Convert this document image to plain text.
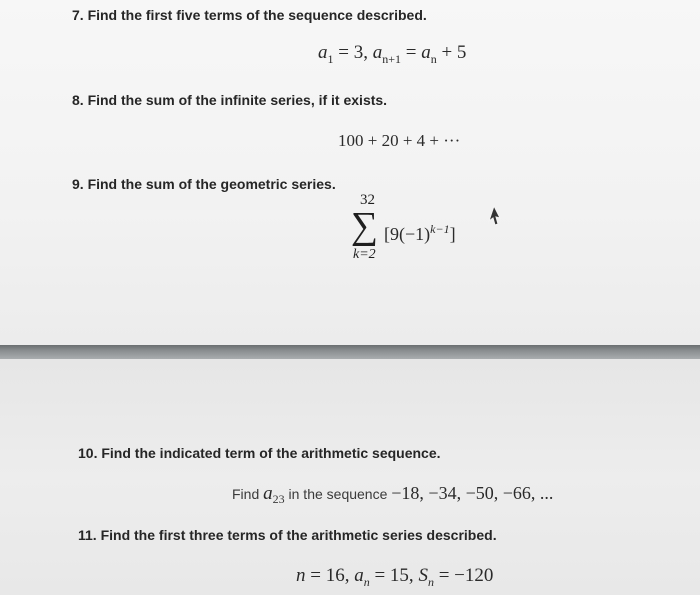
7. Find the first five terms of the sequence described.
$a_1 = 3$, $a_{n+1} = a_n + 5$
8. Find the sum of the infinite series, if it exists.
100 + 20 + 4 + ···
9. Find the sum of the geometric series.
32
∑
k=2
$[9(-1)^{k-1}]$
10. Find the indicated term of the arithmetic sequence.
Find $a_{23}$ in the sequence −18, −34, −50, −66, ...
11. Find the first three terms of the arithmetic series described.
n = 16, $a_n = 15$, $S_n = -120$
